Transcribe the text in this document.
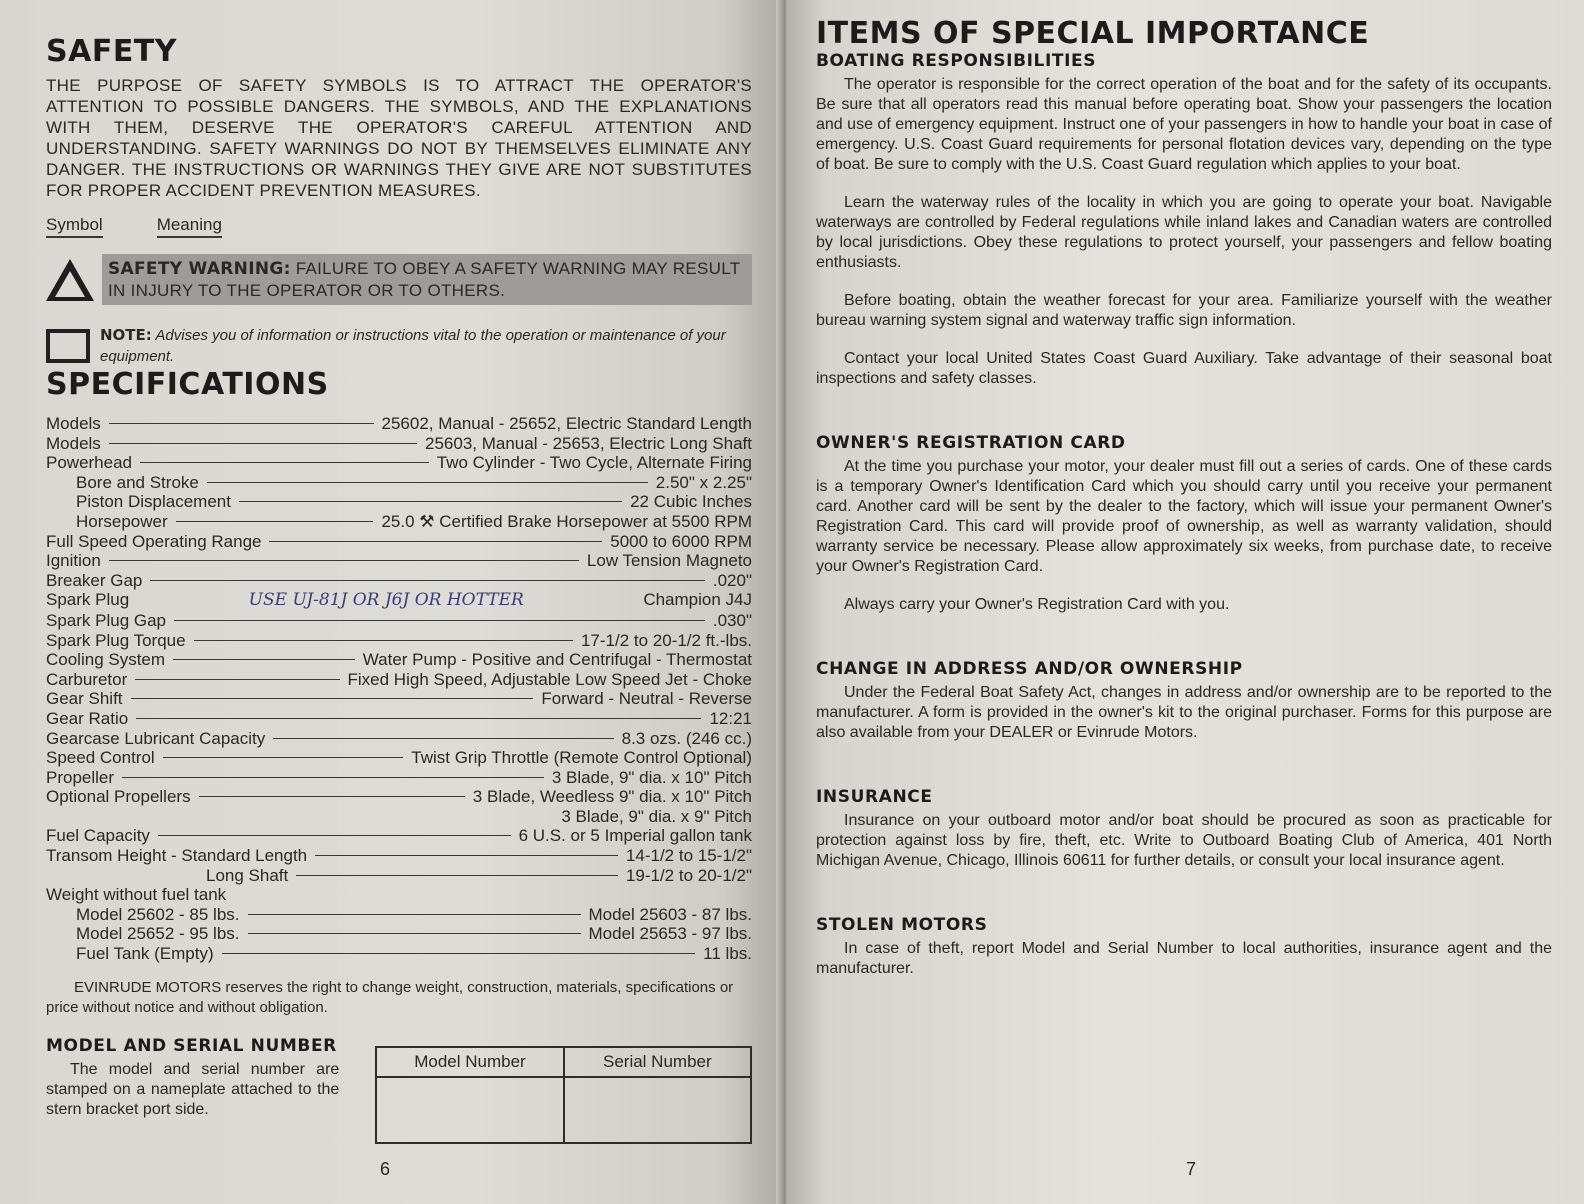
SAFETY

THE PURPOSE OF SAFETY SYMBOLS IS TO ATTRACT THE OPERATOR'S ATTENTION TO POSSIBLE DANGERS. THE SYMBOLS, AND THE EXPLANATIONS WITH THEM, DESERVE THE OPERATOR'S CAREFUL ATTENTION AND UNDERSTANDING. SAFETY WARNINGS DO NOT BY THEMSELVES ELIMINATE ANY DANGER. THE INSTRUCTIONS OR WARNINGS THEY GIVE ARE NOT SUBSTITUTES FOR PROPER ACCIDENT PREVENTION MEASURES.

Symbol	Meaning
SAFETY WARNING: FAILURE TO OBEY A SAFETY WARNING MAY RESULT IN INJURY TO THE OPERATOR OR TO OTHERS.
NOTE: Advises you of information or instructions vital to the operation or maintenance of your equipment.
SPECIFICATIONS
Models	25602, Manual - 25652, Electric Standard Length
Models	25603, Manual - 25653, Electric Long Shaft
Powerhead	Two Cylinder - Two Cycle, Alternate Firing
Bore and Stroke	2.50" x 2.25"
Piston Displacement	22 Cubic Inches
Horsepower	25.0 ⚒ Certified Brake Horsepower at 5500 RPM
Full Speed Operating Range	5000 to 6000 RPM
Ignition	Low Tension Magneto
Breaker Gap	.020"
Spark Plug	USE UJ-81J OR J6J OR HOTTER	Champion J4J
Spark Plug Gap	.030"
Spark Plug Torque	17-1/2 to 20-1/2 ft.-lbs.
Cooling System	Water Pump - Positive and Centrifugal - Thermostat
Carburetor	Fixed High Speed, Adjustable Low Speed Jet - Choke
Gear Shift	Forward - Neutral - Reverse
Gear Ratio	12:21
Gearcase Lubricant Capacity	8.3 ozs. (246 cc.)
Speed Control	Twist Grip Throttle (Remote Control Optional)
Propeller	3 Blade, 9" dia. x 10" Pitch
Optional Propellers	3 Blade, Weedless 9" dia. x 10" Pitch
3 Blade, 9" dia. x 9" Pitch
Fuel Capacity	6 U.S. or 5 Imperial gallon tank
Transom Height - Standard Length	14-1/2 to 15-1/2"
Long Shaft	19-1/2 to 20-1/2"
Weight without fuel tank
Model 25602 - 85 lbs.	Model 25603 - 87 lbs.
Model 25652 - 95 lbs.	Model 25653 - 97 lbs.
Fuel Tank (Empty)	11 lbs.

EVINRUDE MOTORS reserves the right to change weight, construction, materials, specifications or price without notice and without obligation.

MODEL AND SERIAL NUMBER

The model and serial number are stamped on a nameplate attached to the stern bracket port side.

Model Number	Serial Number

6
ITEMS OF SPECIAL IMPORTANCE
BOATING RESPONSIBILITIES

The operator is responsible for the correct operation of the boat and for the safety of its occupants. Be sure that all operators read this manual before operating boat. Show your passengers the location and use of emergency equipment. Instruct one of your passengers in how to handle your boat in case of emergency. U.S. Coast Guard requirements for personal flotation devices vary, depending on the type of boat. Be sure to comply with the U.S. Coast Guard regulation which applies to your boat.

Learn the waterway rules of the locality in which you are going to operate your boat. Navigable waterways are controlled by Federal regulations while inland lakes and Canadian waters are controlled by local jurisdictions. Obey these regulations to protect yourself, your passengers and fellow boating enthusiasts.

Before boating, obtain the weather forecast for your area. Familiarize yourself with the weather bureau warning system signal and waterway traffic sign information.

Contact your local United States Coast Guard Auxiliary. Take advantage of their seasonal boat inspections and safety classes.

OWNER'S REGISTRATION CARD

At the time you purchase your motor, your dealer must fill out a series of cards. One of these cards is a temporary Owner's Identification Card which you should carry until you receive your permanent card. Another card will be sent by the dealer to the factory, which will issue your permanent Owner's Registration Card. This card will provide proof of ownership, as well as warranty validation, should warranty service be necessary. Please allow approximately six weeks, from purchase date, to receive your Owner's Registration Card.

Always carry your Owner's Registration Card with you.

CHANGE IN ADDRESS AND/OR OWNERSHIP

Under the Federal Boat Safety Act, changes in address and/or ownership are to be reported to the manufacturer. A form is provided in the owner's kit to the original purchaser. Forms for this purpose are also available from your DEALER or Evinrude Motors.

INSURANCE

Insurance on your outboard motor and/or boat should be procured as soon as practicable for protection against loss by fire, theft, etc. Write to Outboard Boating Club of America, 401 North Michigan Avenue, Chicago, Illinois 60611 for further details, or consult your local insurance agent.

STOLEN MOTORS

In case of theft, report Model and Serial Number to local authorities, insurance agent and the manufacturer.

7
